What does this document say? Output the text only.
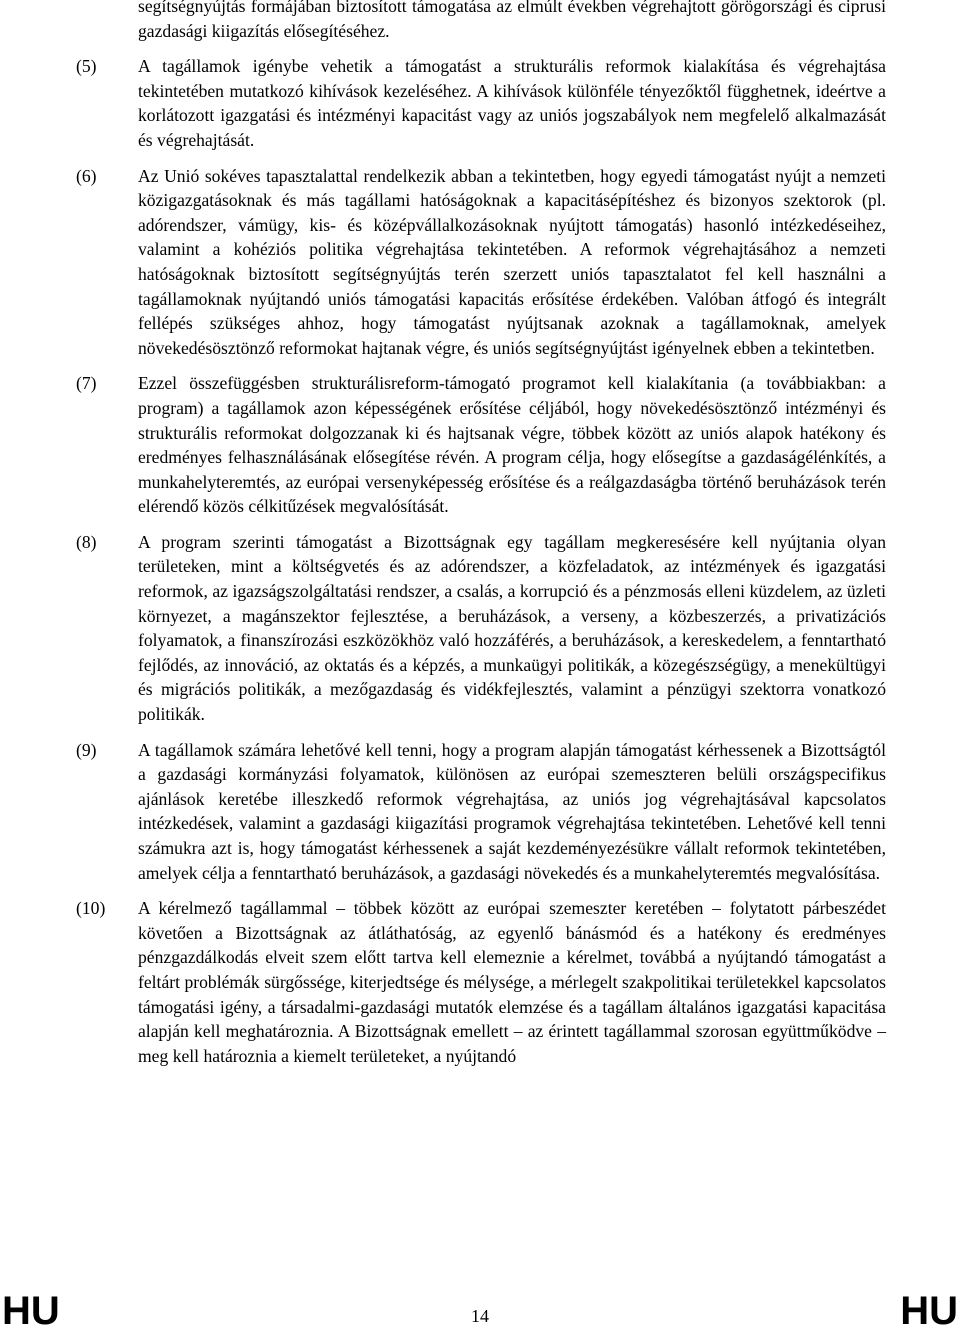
segítségnyújtás formájában biztosított támogatása az elmúlt években végrehajtott görögországi és ciprusi gazdasági kiigazítás elősegítéséhez.
(5)	A tagállamok igénybe vehetik a támogatást a strukturális reformok kialakítása és végrehajtása tekintetében mutatkozó kihívások kezeléséhez. A kihívások különféle tényezőktől függhetnek, ideértve a korlátozott igazgatási és intézményi kapacitást vagy az uniós jogszabályok nem megfelelő alkalmazását és végrehajtását.
(6)	Az Unió sokéves tapasztalattal rendelkezik abban a tekintetben, hogy egyedi támogatást nyújt a nemzeti közigazgatásoknak és más tagállami hatóságoknak a kapacitásépítéshez és bizonyos szektorok (pl. adórendszer, vámügy, kis- és középvállalkozásoknak nyújtott támogatás) hasonló intézkedéseihez, valamint a kohéziós politika végrehajtása tekintetében. A reformok végrehajtásához a nemzeti hatóságoknak biztosított segítségnyújtás terén szerzett uniós tapasztalatot fel kell használni a tagállamoknak nyújtandó uniós támogatási kapacitás erősítése érdekében. Valóban átfogó és integrált fellépés szükséges ahhoz, hogy támogatást nyújtsanak azoknak a tagállamoknak, amelyek növekedésösztönző reformokat hajtanak végre, és uniós segítségnyújtást igényelnek ebben a tekintetben.
(7)	Ezzel összefüggésben strukturálisreform-támogató programot kell kialakítania (a továbbiakban: a program) a tagállamok azon képességének erősítése céljából, hogy növekedésösztönző intézményi és strukturális reformokat dolgozzanak ki és hajtsanak végre, többek között az uniós alapok hatékony és eredményes felhasználásának elősegítése révén. A program célja, hogy elősegítse a gazdaságélénkítés, a munkahelyteremtés, az európai versenyképesség erősítése és a reálgazdaságba történő beruházások terén elérendő közös célkitűzések megvalósítását.
(8)	A program szerinti támogatást a Bizottságnak egy tagállam megkeresésére kell nyújtania olyan területeken, mint a költségvetés és az adórendszer, a közfeladatok, az intézmények és igazgatási reformok, az igazságszolgáltatási rendszer, a csalás, a korrupció és a pénzmosás elleni küzdelem, az üzleti környezet, a magánszektor fejlesztése, a beruházások, a verseny, a közbeszerzés, a privatizációs folyamatok, a finanszírozási eszközökhöz való hozzáférés, a beruházások, a kereskedelem, a fenntartható fejlődés, az innováció, az oktatás és a képzés, a munkaügyi politikák, a közegészségügy, a menekültügyi és migrációs politikák, a mezőgazdaság és vidékfejlesztés, valamint a pénzügyi szektorra vonatkozó politikák.
(9)	A tagállamok számára lehetővé kell tenni, hogy a program alapján támogatást kérhessenek a Bizottságtól a gazdasági kormányzási folyamatok, különösen az európai szemeszteren belüli országspecifikus ajánlások keretébe illeszkedő reformok végrehajtása, az uniós jog végrehajtásával kapcsolatos intézkedések, valamint a gazdasági kiigazítási programok végrehajtása tekintetében. Lehetővé kell tenni számukra azt is, hogy támogatást kérhessenek a saját kezdeményezésükre vállalt reformok tekintetében, amelyek célja a fenntartható beruházások, a gazdasági növekedés és a munkahelyteremtés megvalósítása.
(10)	A kérelmező tagállammal – többek között az európai szemeszter keretében – folytatott párbeszédet követően a Bizottságnak az átláthatóság, az egyenlő bánásmód és a hatékony és eredményes pénzgazdálkodás elveit szem előtt tartva kell elemeznie a kérelmet, továbbá a nyújtandó támogatást a feltárt problémák sürgőssége, kiterjedtsége és mélysége, a mérlegelt szakpolitikai területekkel kapcsolatos támogatási igény, a társadalmi-gazdasági mutatók elemzése és a tagállam általános igazgatási kapacitása alapján kell meghatároznia. A Bizottságnak emellett – az érintett tagállammal szorosan együttműködve – meg kell határoznia a kiemelt területeket, a nyújtandó
HU	14	HU
